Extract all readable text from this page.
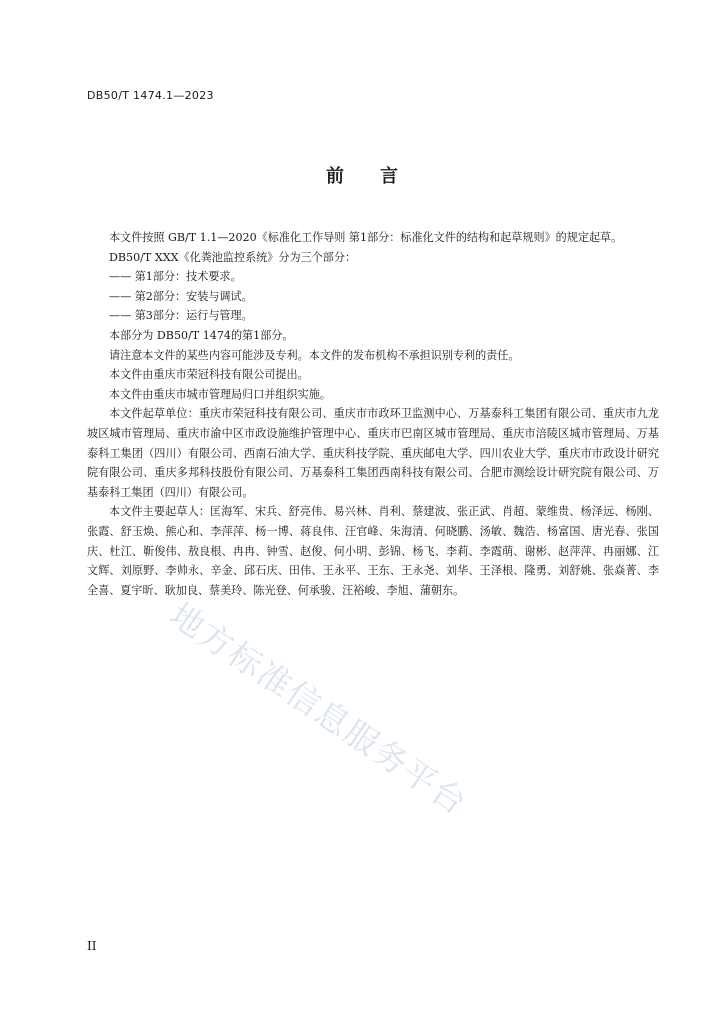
DB50/T 1474.1—2023
前 言

本文件按照 GB/T 1.1—2020《标准化工作导则 第1部分：标准化文件的结构和起草规则》的规定起草。

DB50/T XXX《化粪池监控系统》分为三个部分：

—— 第1部分：技术要求。

—— 第2部分：安装与调试。

—— 第3部分：运行与管理。

本部分为 DB50/T 1474的第1部分。

请注意本文件的某些内容可能涉及专利。本文件的发布机构不承担识别专利的责任。

本文件由重庆市荣冠科技有限公司提出。

本文件由重庆市城市管理局归口并组织实施。

本文件起草单位：重庆市荣冠科技有限公司、重庆市市政环卫监测中心、万基泰科工集团有限公司、重庆市九龙坡区城市管理局、重庆市渝中区市政设施维护管理中心、重庆市巴南区城市管理局、重庆市涪陵区城市管理局、万基泰科工集团（四川）有限公司、西南石油大学、重庆科技学院、重庆邮电大学、四川农业大学、重庆市市政设计研究院有限公司、重庆多邦科技股份有限公司、万基泰科工集团西南科技有限公司、合肥市测绘设计研究院有限公司、万基泰科工集团（四川）有限公司。

本文件主要起草人：匡海军、宋兵、舒亮伟、易兴林、肖利、蔡建波、张正武、肖超、蒙维贵、杨泽远、杨刚、张霞、舒玉焕、熊心和、李萍萍、杨一博、蒋良伟、汪官峰、朱海清、何晓鹏、汤敏、魏浩、杨富国、唐光春、张国庆、杜江、靳俊伟、敖良根、冉冉、钟雪、赵俊、何小明、彭锦、杨飞、李莉、李霞萌、谢彬、赵萍萍、冉丽娜、江文辉、刘原野、李帅永、辛金、邱石庆、田伟、王永平、王东、王永尧、刘华、王泽根、隆勇、刘舒姚、张焱菁、李全喜、夏宇昕、耿加良、蔡美玲、陈光登、何承骏、汪裕峻、李旭、蒲朝东。

地方标准信息服务平台
II
